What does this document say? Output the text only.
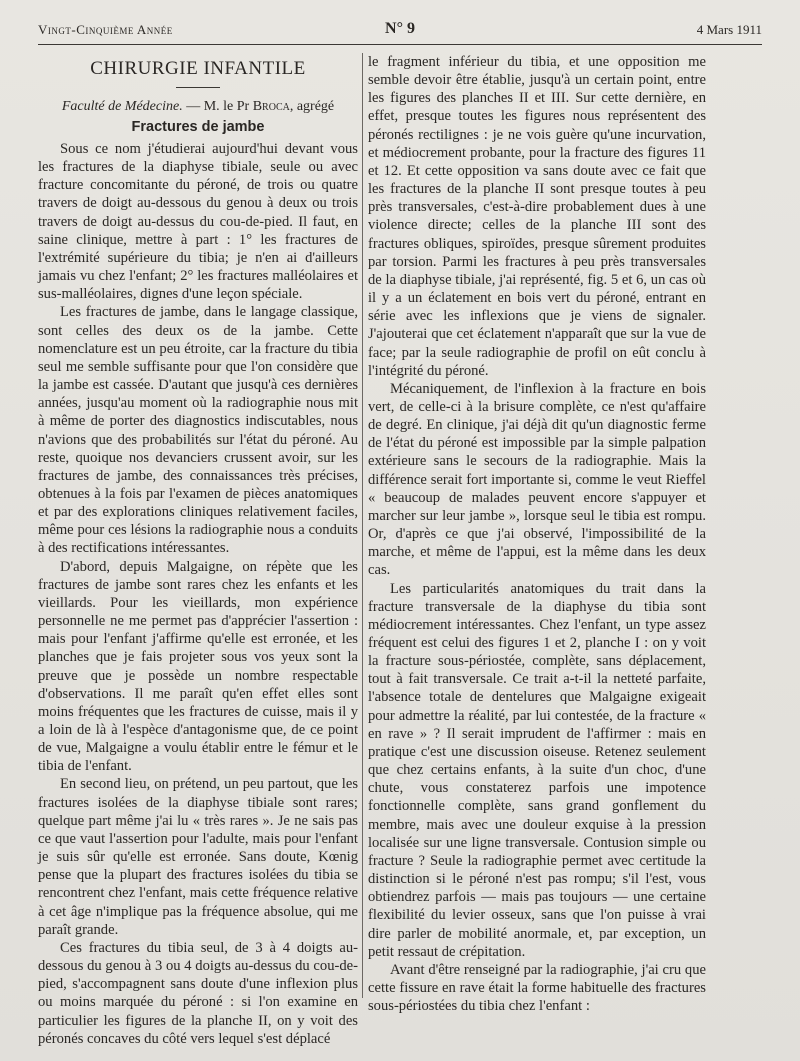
Vingt-Cinquième Année	N° 9	4 Mars 1911
CHIRURGIE INFANTILE
Faculté de Médecine. — M. le Pr Broca, agrégé
Fractures de jambe

Sous ce nom j'étudierai aujourd'hui devant vous les fractures de la diaphyse tibiale, seule ou avec fracture concomitante du péroné, de trois ou quatre travers de doigt au-dessous du genou à deux ou trois travers de doigt au-dessus du cou-de-pied. Il faut, en saine clinique, mettre à part : 1° les fractures de l'extrémité supérieure du tibia; je n'en ai d'ailleurs jamais vu chez l'enfant; 2° les fractures malléolaires et sus-malléolaires, dignes d'une leçon spéciale.

Les fractures de jambe, dans le langage classique, sont celles des deux os de la jambe. Cette nomenclature est un peu étroite, car la fracture du tibia seul me semble suffisante pour que l'on considère que la jambe est cassée. D'autant que jusqu'à ces dernières années, jusqu'au moment où la radiographie nous mit à même de porter des diagnostics indiscutables, nous n'avions que des probabilités sur l'état du péroné. Au reste, quoique nos devanciers crussent avoir, sur les fractures de jambe, des connaissances très précises, obtenues à la fois par l'examen de pièces anatomiques et par des explorations cliniques relativement faciles, même pour ces lésions la radiographie nous a conduits à des rectifications intéressantes.

D'abord, depuis Malgaigne, on répète que les fractures de jambe sont rares chez les enfants et les vieillards. Pour les vieillards, mon expérience personnelle ne me permet pas d'apprécier l'assertion : mais pour l'enfant j'affirme qu'elle est erronée, et les planches que je fais projeter sous vos yeux sont la preuve que je possède un nombre respectable d'observations. Il me paraît qu'en effet elles sont moins fréquentes que les fractures de cuisse, mais il y a loin de là à l'espèce d'antagonisme que, de ce point de vue, Malgaigne a voulu établir entre le fémur et le tibia de l'enfant.

En second lieu, on prétend, un peu partout, que les fractures isolées de la diaphyse tibiale sont rares; quelque part même j'ai lu « très rares ». Je ne sais pas ce que vaut l'assertion pour l'adulte, mais pour l'enfant je suis sûr qu'elle est erronée. Sans doute, Kœnig pense que la plupart des fractures isolées du tibia se rencontrent chez l'enfant, mais cette fréquence relative à cet âge n'implique pas la fréquence absolue, qui me paraît grande.

Ces fractures du tibia seul, de 3 à 4 doigts au-dessous du genou à 3 ou 4 doigts au-dessus du cou-de-pied, s'accompagnent sans doute d'une inflexion plus ou moins marquée du péroné : si l'on examine en particulier les figures de la planche II, on y voit des péronés concaves du côté vers lequel s'est déplacé

le fragment inférieur du tibia, et une opposition me semble devoir être établie, jusqu'à un certain point, entre les figures des planches II et III. Sur cette dernière, en effet, presque toutes les figures nous représentent des péronés rectilignes : je ne vois guère qu'une incurvation, et médiocrement probante, pour la fracture des figures 11 et 12. Et cette opposition va sans doute avec ce fait que les fractures de la planche II sont presque toutes à peu près transversales, c'est-à-dire probablement dues à une violence directe; celles de la planche III sont des fractures obliques, spiroïdes, presque sûrement produites par torsion. Parmi les fractures à peu près transversales de la diaphyse tibiale, j'ai représenté, fig. 5 et 6, un cas où il y a un éclatement en bois vert du péroné, entrant en série avec les inflexions que je viens de signaler. J'ajouterai que cet éclatement n'apparaît que sur la vue de face; par la seule radiographie de profil on eût conclu à l'intégrité du péroné.

Mécaniquement, de l'inflexion à la fracture en bois vert, de celle-ci à la brisure complète, ce n'est qu'affaire de degré. En clinique, j'ai déjà dit qu'un diagnostic ferme de l'état du péroné est impossible par la simple palpation extérieure sans le secours de la radiographie. Mais la différence serait fort importante si, comme le veut Rieffel « beaucoup de malades peuvent encore s'appuyer et marcher sur leur jambe », lorsque seul le tibia est rompu. Or, d'après ce que j'ai observé, l'impossibilité de la marche, et même de l'appui, est la même dans les deux cas.

Les particularités anatomiques du trait dans la fracture transversale de la diaphyse du tibia sont médiocrement intéressantes. Chez l'enfant, un type assez fréquent est celui des figures 1 et 2, planche I : on y voit la fracture sous-périostée, complète, sans déplacement, tout à fait transversale. Ce trait a-t-il la netteté parfaite, l'absence totale de dentelures que Malgaigne exigeait pour admettre la réalité, par lui contestée, de la fracture « en rave » ? Il serait imprudent de l'affirmer : mais en pratique c'est une discussion oiseuse. Retenez seulement que chez certains enfants, à la suite d'un choc, d'une chute, vous constaterez parfois une impotence fonctionnelle complète, sans grand gonflement du membre, mais avec une douleur exquise à la pression localisée sur une ligne transversale. Contusion simple ou fracture ? Seule la radiographie permet avec certitude la distinction si le péroné n'est pas rompu; s'il l'est, vous obtiendrez parfois — mais pas toujours — une certaine flexibilité du levier osseux, sans que l'on puisse à vrai dire parler de mobilité anormale, et, par exception, un petit ressaut de crépitation.

Avant d'être renseigné par la radiographie, j'ai cru que cette fissure en rave était la forme habituelle des fractures sous-périostées du tibia chez l'enfant :
